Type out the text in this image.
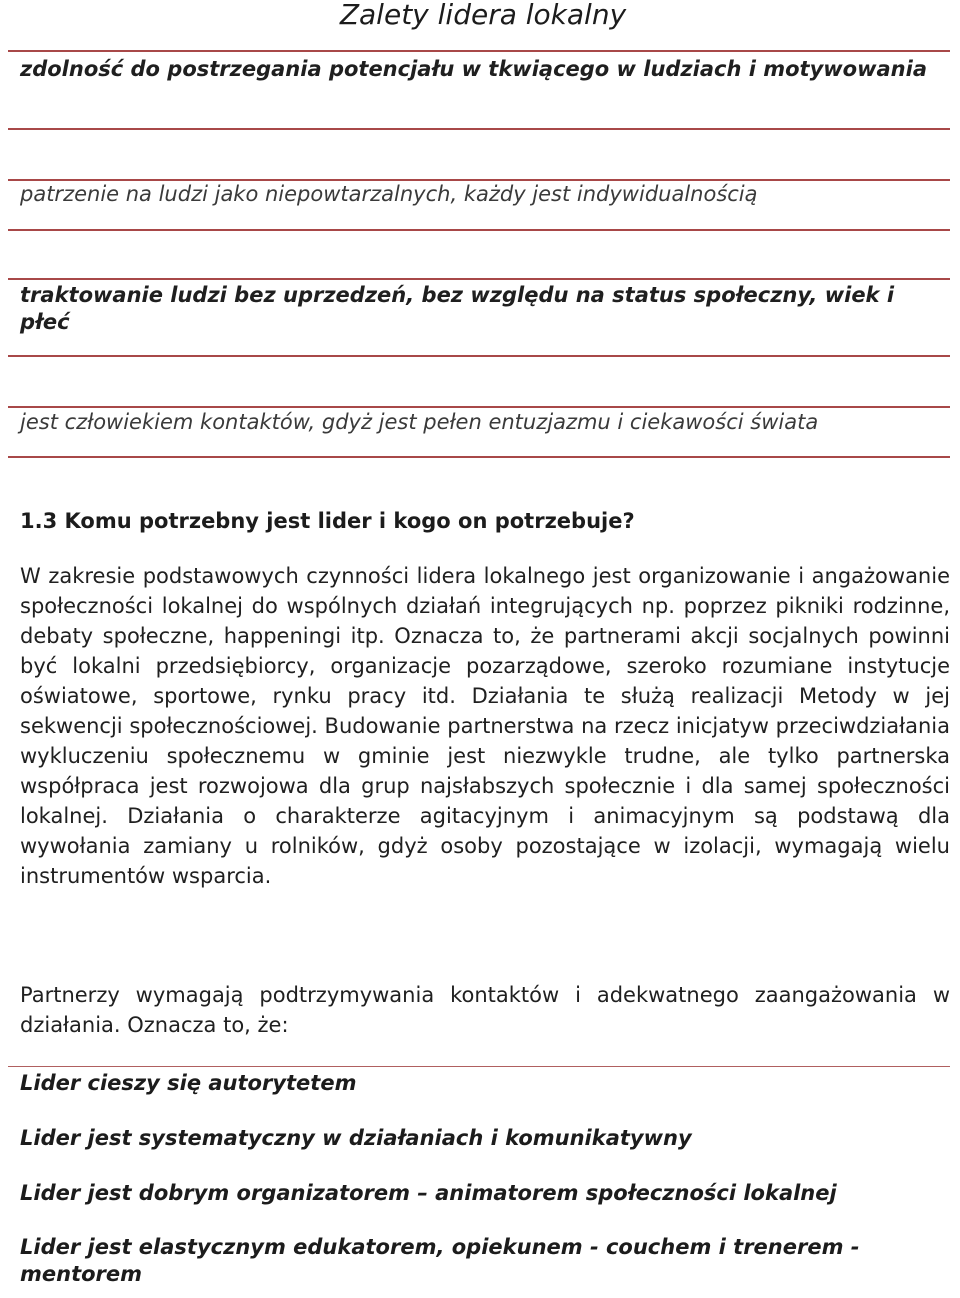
Zalety lidera lokalny
zdolność do postrzegania potencjału w tkwiącego w ludziach i motywowania
patrzenie na ludzi jako niepowtarzalnych, każdy jest indywidualnością
traktowanie ludzi bez uprzedzeń, bez względu na status społeczny, wiek i płeć
jest człowiekiem kontaktów, gdyż jest pełen entuzjazmu i ciekawości świata
1.3 Komu potrzebny jest lider i kogo on potrzebuje?
W zakresie podstawowych czynności lidera lokalnego jest organizowanie i angażowanie społeczności lokalnej do wspólnych działań integrujących np. poprzez pikniki rodzinne, debaty społeczne, happeningi itp. Oznacza to, że partnerami akcji socjalnych powinni być lokalni przedsiębiorcy, organizacje pozarządowe, szeroko rozumiane instytucje oświatowe, sportowe, rynku pracy itd. Działania te służą realizacji Metody w jej sekwencji społecznościowej. Budowanie partnerstwa na rzecz inicjatyw przeciwdziałania wykluczeniu społecznemu w gminie jest niezwykle trudne, ale tylko partnerska współpraca jest rozwojowa dla grup najsłabszych społecznie i dla samej społeczności lokalnej. Działania o charakterze agitacyjnym i animacyjnym są podstawą dla wywołania zamiany u rolników, gdyż osoby pozostające w izolacji, wymagają wielu instrumentów wsparcia.
Partnerzy wymagają podtrzymywania kontaktów i adekwatnego zaangażowania w działania. Oznacza to, że:
Lider cieszy się autorytetem
Lider jest systematyczny w działaniach i komunikatywny
Lider jest dobrym organizatorem – animatorem społeczności lokalnej
Lider jest elastycznym edukatorem, opiekunem - couchem i trenerem - mentorem
